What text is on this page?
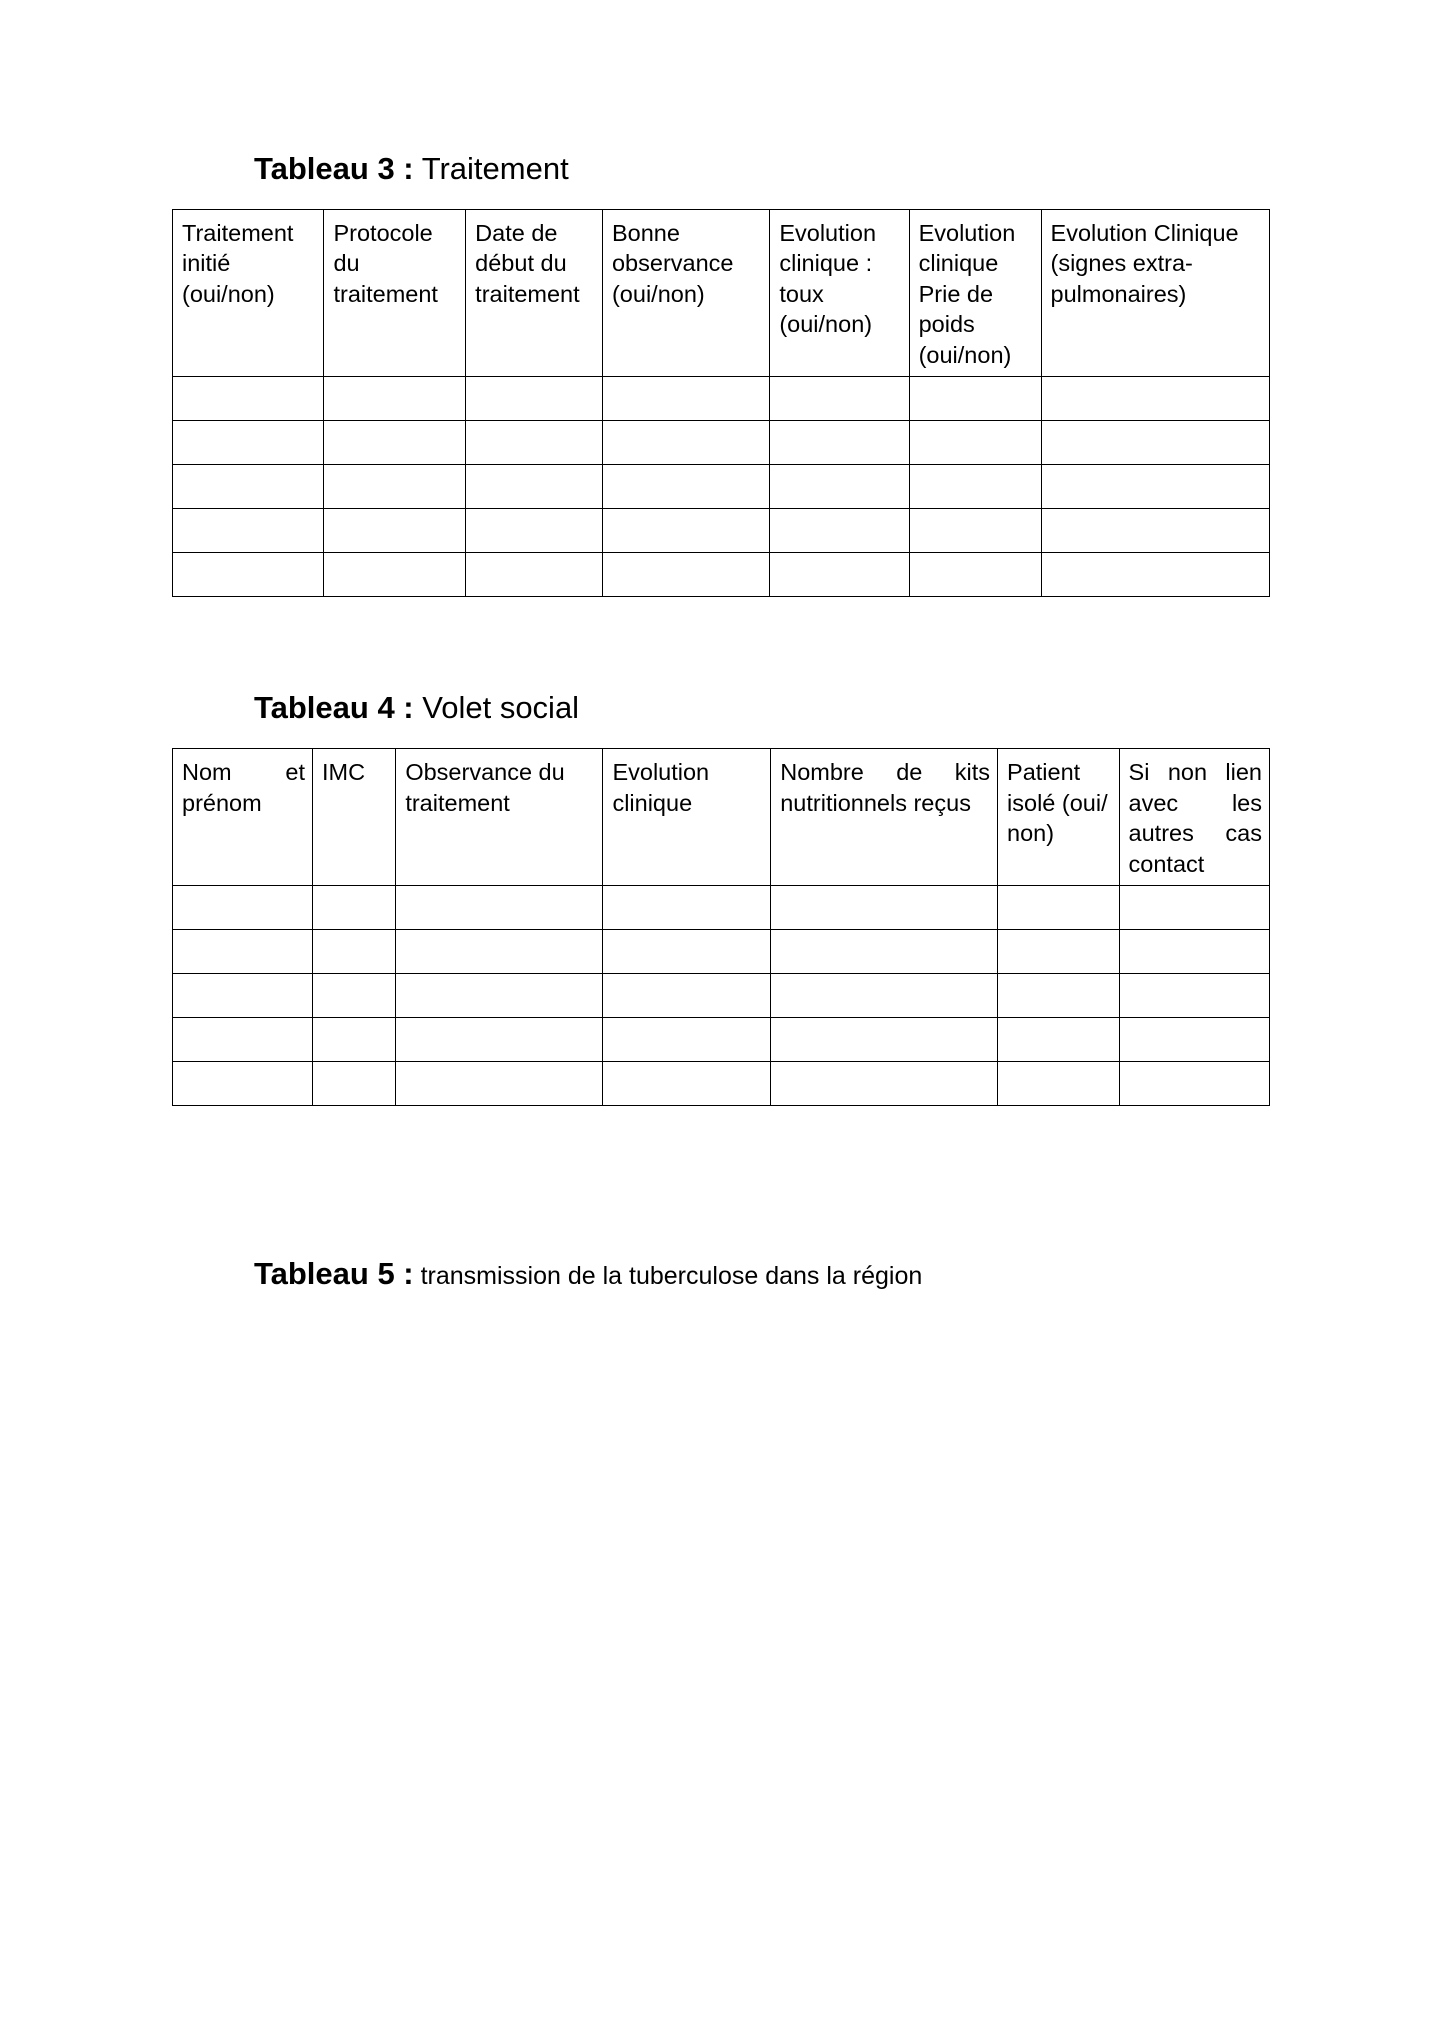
Tableau 3 : Traitement

Traitement initié (oui/non)	Protocole du traitement	Date de début du traitement	Bonne observance (oui/non)	Evolution clinique : toux (oui/non)	Evolution clinique Prie de poids (oui/non)	Evolution Clinique (signes extra-pulmonaires)

Tableau 4 : Volet social

Nom et prénom	IMC	Observance du traitement	Evolution clinique	Nombre de kits nutritionnels reçus	Patient isolé (oui/ non)	Si non lien avec les autres cas contact

Tableau 5 : transmission de la tuberculose dans la région
